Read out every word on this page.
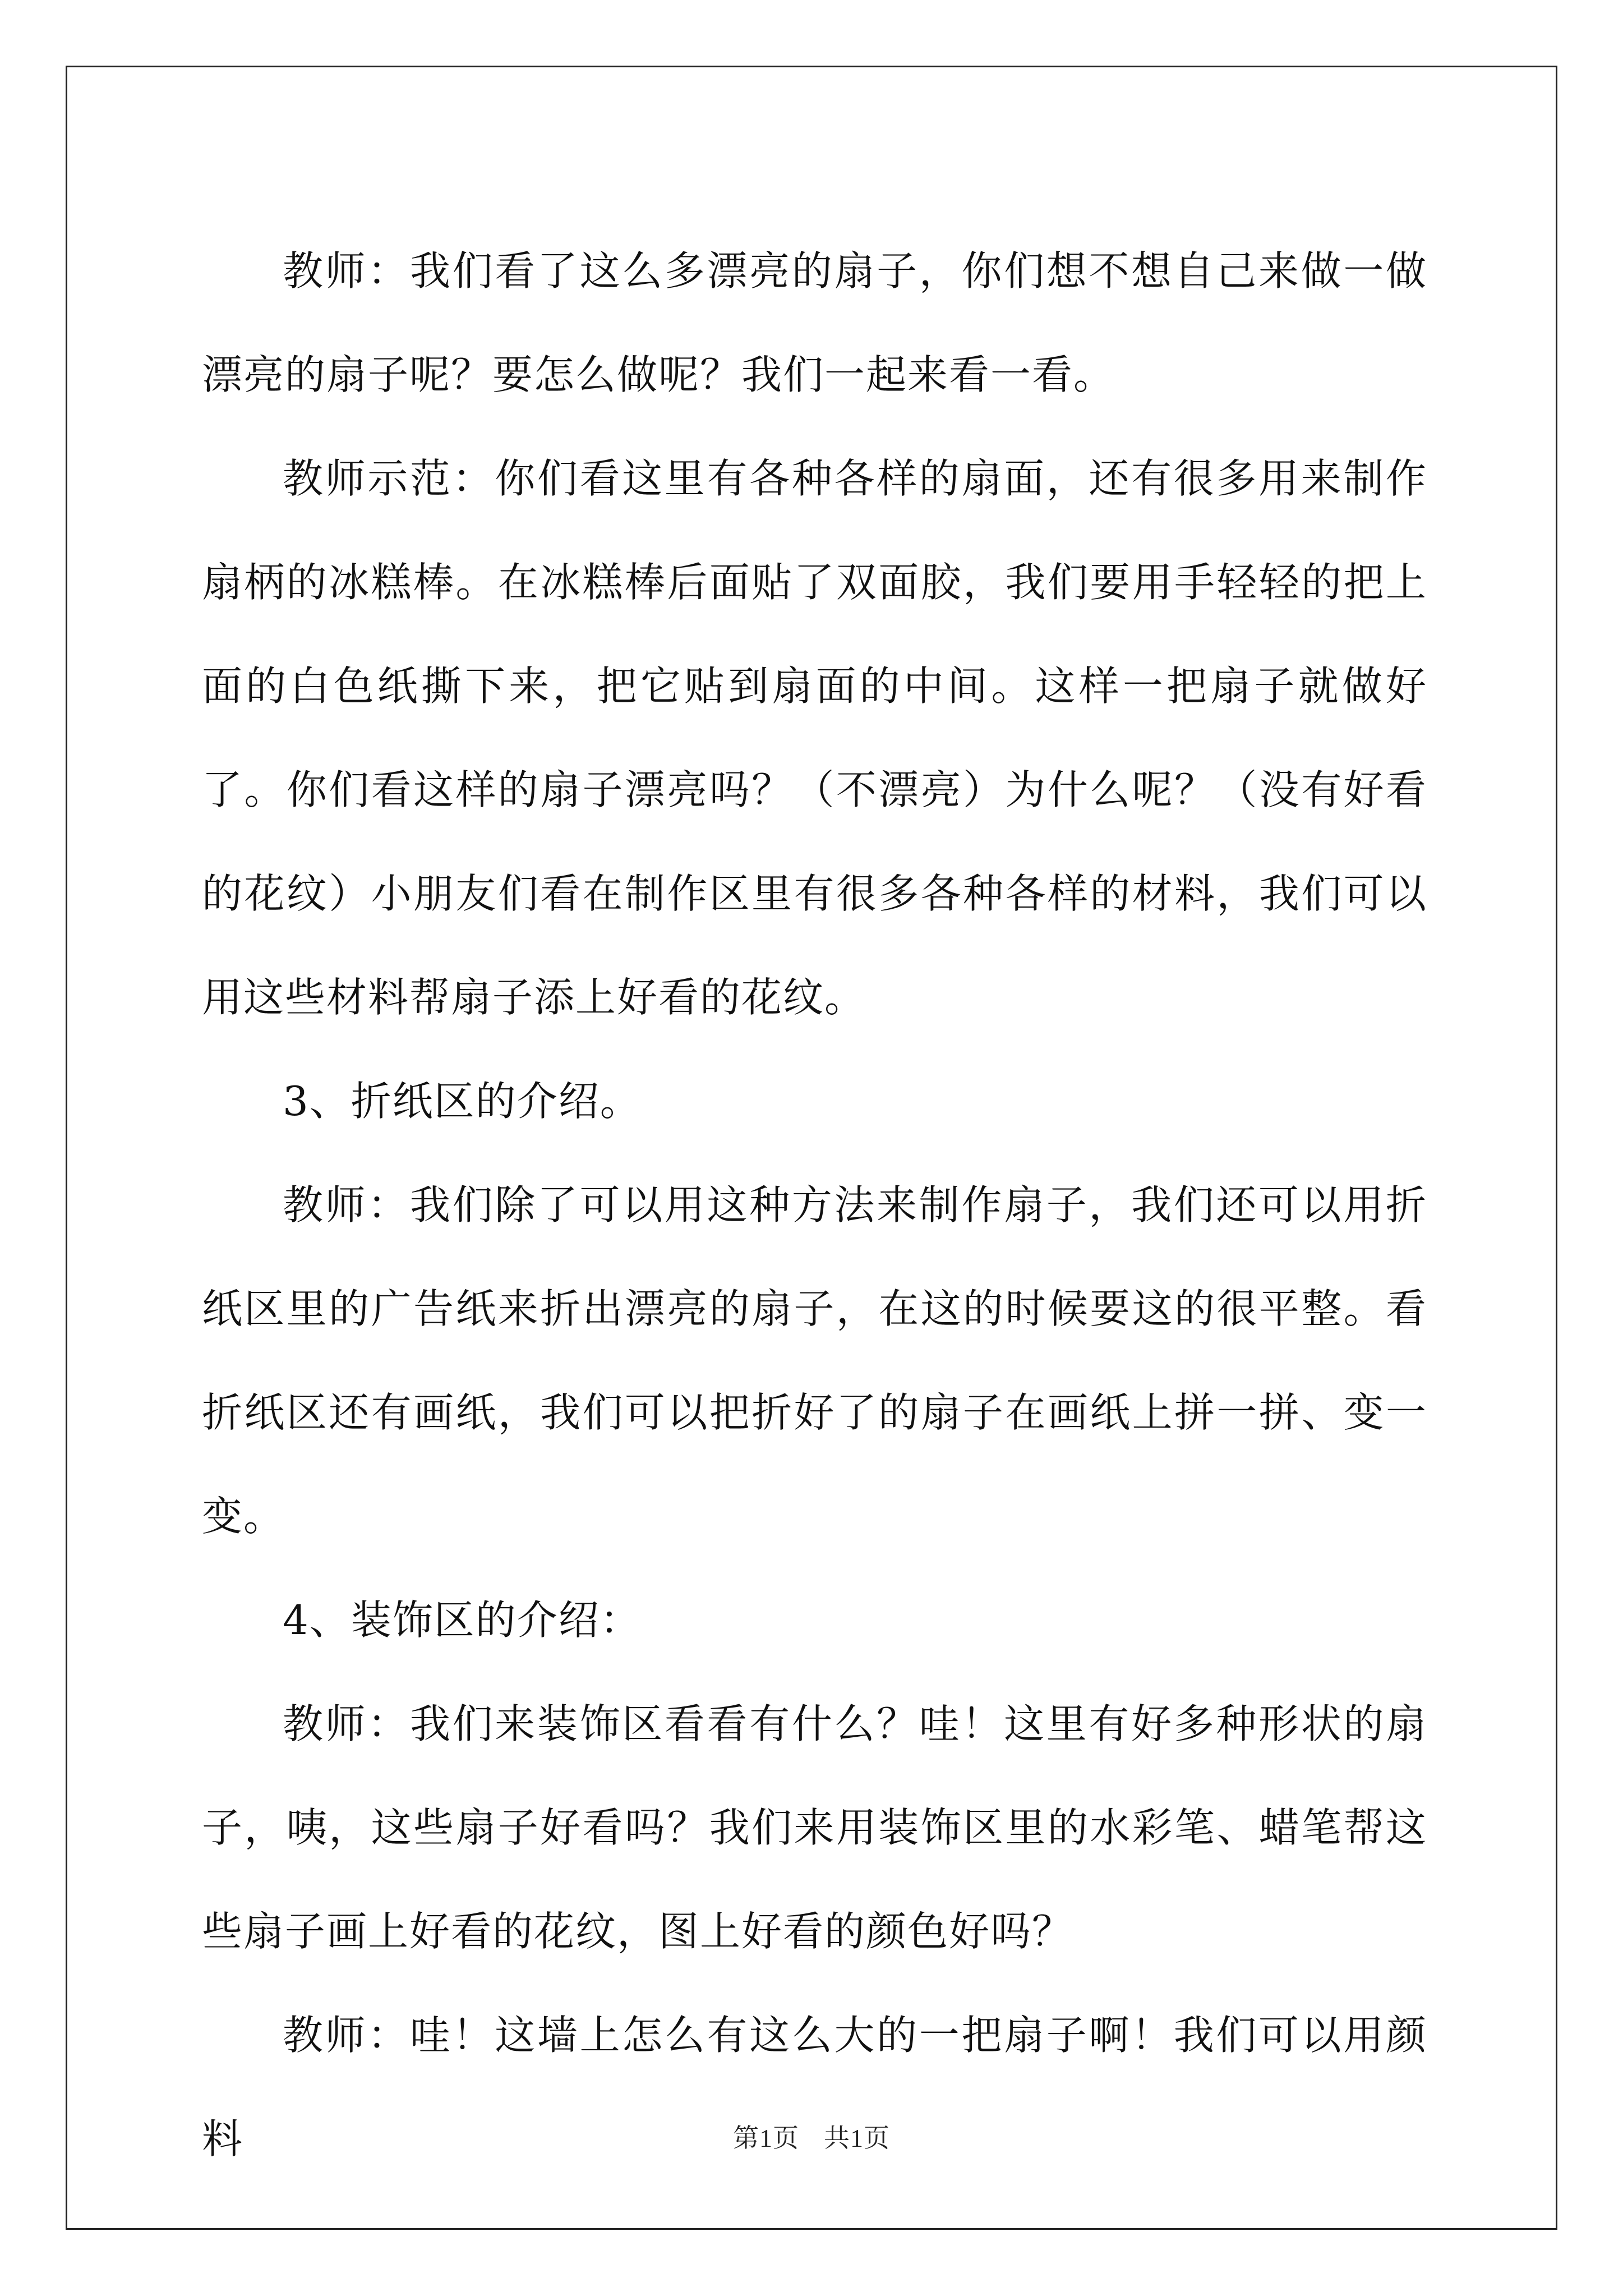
教师：我们看了这么多漂亮的扇子，你们想不想自己来做一做漂亮的扇子呢？要怎么做呢？我们一起来看一看。

教师示范：你们看这里有各种各样的扇面，还有很多用来制作扇柄的冰糕棒。在冰糕棒后面贴了双面胶，我们要用手轻轻的把上面的白色纸撕下来，把它贴到扇面的中间。这样一把扇子就做好了。你们看这样的扇子漂亮吗？（不漂亮）为什么呢？（没有好看的花纹）小朋友们看在制作区里有很多各种各样的材料，我们可以用这些材料帮扇子添上好看的花纹。

3、折纸区的介绍。

教师：我们除了可以用这种方法来制作扇子，我们还可以用折纸区里的广告纸来折出漂亮的扇子，在这的时候要这的很平整。看折纸区还有画纸，我们可以把折好了的扇子在画纸上拼一拼、变一变。

4、装饰区的介绍：

教师：我们来装饰区看看有什么？哇！这里有好多种形状的扇子，咦，这些扇子好看吗？我们来用装饰区里的水彩笔、蜡笔帮这些扇子画上好看的花纹，图上好看的颜色好吗？

教师：哇！这墙上怎么有这么大的一把扇子啊！我们可以用颜料	第1页 共1页
